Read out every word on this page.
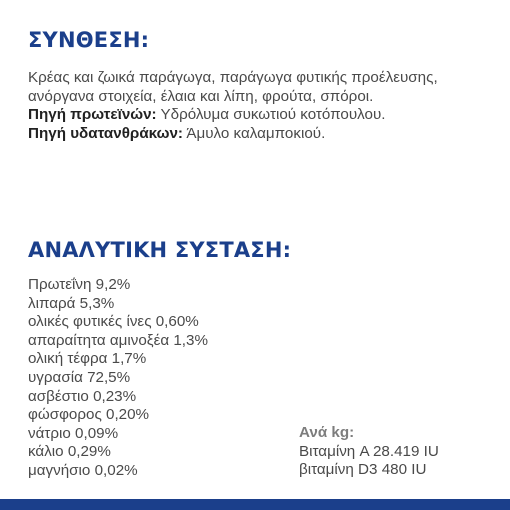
ΣΥΝΘΕΣΗ:

Κρέας και ζωικά παράγωγα, παράγωγα φυτικής προέλευσης, ανόργανα στοιχεία, έλαια και λίπη, φρούτα, σπόροι.

Πηγή πρωτεϊνών: Υδρόλυμα συκωτιού κοτόπουλου.

Πηγή υδατανθράκων: Άμυλο καλαμποκιού.

ΑΝΑΛΥΤΙΚΗ ΣΥΣΤΑΣΗ:
Πρωτεΐνη 9,2%
λιπαρά 5,3%
ολικές φυτικές ίνες 0,60%
απαραίτητα αμινοξέα 1,3%
ολική τέφρα 1,7%
υγρασία 72,5%
ασβέστιο 0,23%
φώσφορος 0,20%
νάτριο 0,09%
κάλιο 0,29%
μαγνήσιο 0,02%

Ανά kg:

Βιταμίνη A 28.419 IU

βιταμίνη D3 480 IU
